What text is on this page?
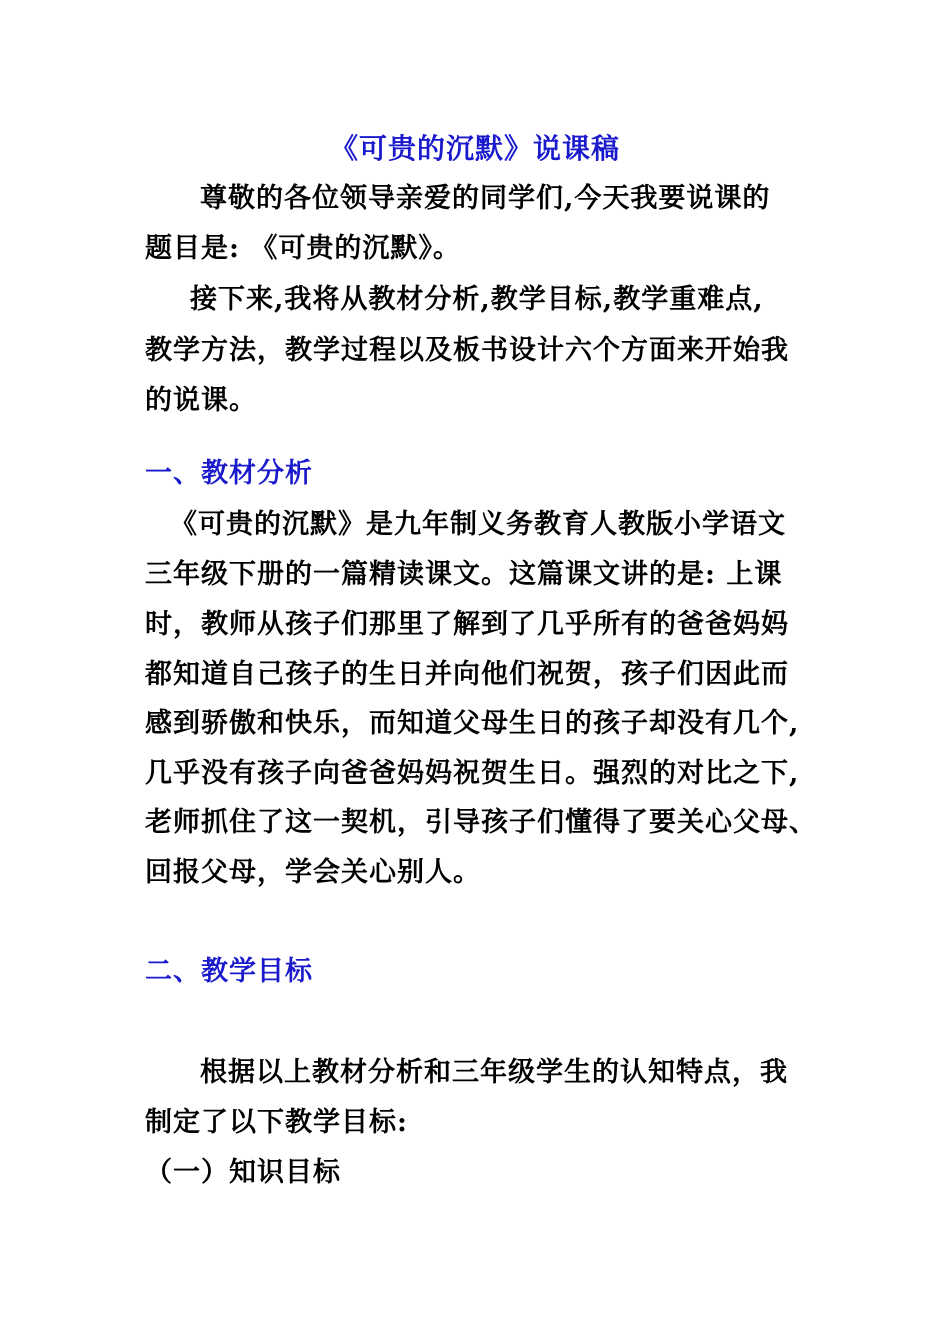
《可贵的沉默》说课稿
尊敬的各位领导亲爱的同学们,今天我要说课的
题目是: 《可贵的沉默》。
接下来,我将从教材分析,教学目标,教学重难点,
教学方法，教学过程以及板书设计六个方面来开始我
的说课。
一、教材分析
《可贵的沉默》是九年制义务教育人教版小学语文
三年级下册的一篇精读课文。这篇课文讲的是: 上课
时，教师从孩子们那里了解到了几乎所有的爸爸妈妈
都知道自己孩子的生日并向他们祝贺，孩子们因此而
感到骄傲和快乐，而知道父母生日的孩子却没有几个,
几乎没有孩子向爸爸妈妈祝贺生日。强烈的对比之下,
老师抓住了这一契机，引导孩子们懂得了要关心父母、
回报父母，学会关心别人。
二、教学目标
根据以上教材分析和三年级学生的认知特点，我
制定了以下教学目标:
（一）知识目标
